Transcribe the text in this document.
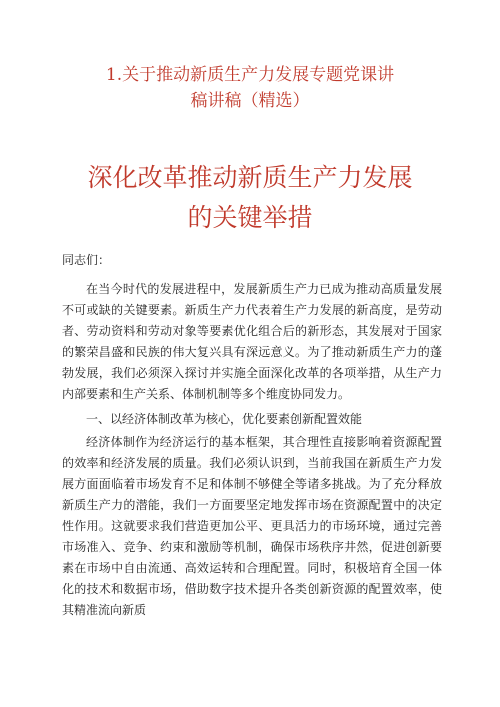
1.关于推动新质生产力发展专题党课讲
稿讲稿（精选）
深化改革推动新质生产力发展
的关键举措

同志们：

在当今时代的发展进程中，发展新质生产力已成为推动高质量发展不可或缺的关键要素。新质生产力代表着生产力发展的新高度，是劳动者、劳动资料和劳动对象等要素优化组合后的新形态，其发展对于国家的繁荣昌盛和民族的伟大复兴具有深远意义。为了推动新质生产力的蓬勃发展，我们必须深入探讨并实施全面深化改革的各项举措，从生产力内部要素和生产关系、体制机制等多个维度协同发力。

一、以经济体制改革为核心，优化要素创新配置效能

经济体制作为经济运行的基本框架，其合理性直接影响着资源配置的效率和经济发展的质量。我们必须认识到，当前我国在新质生产力发展方面面临着市场发育不足和体制不够健全等诸多挑战。为了充分释放新质生产力的潜能，我们一方面要坚定地发挥市场在资源配置中的决定性作用。这就要求我们营造更加公平、更具活力的市场环境，通过完善市场准入、竞争、约束和激励等机制，确保市场秩序井然，促进创新要素在市场中自由流通、高效运转和合理配置。同时，积极培育全国一体化的技术和数据市场，借助数字技术提升各类创新资源的配置效率，使其精准流向新质
